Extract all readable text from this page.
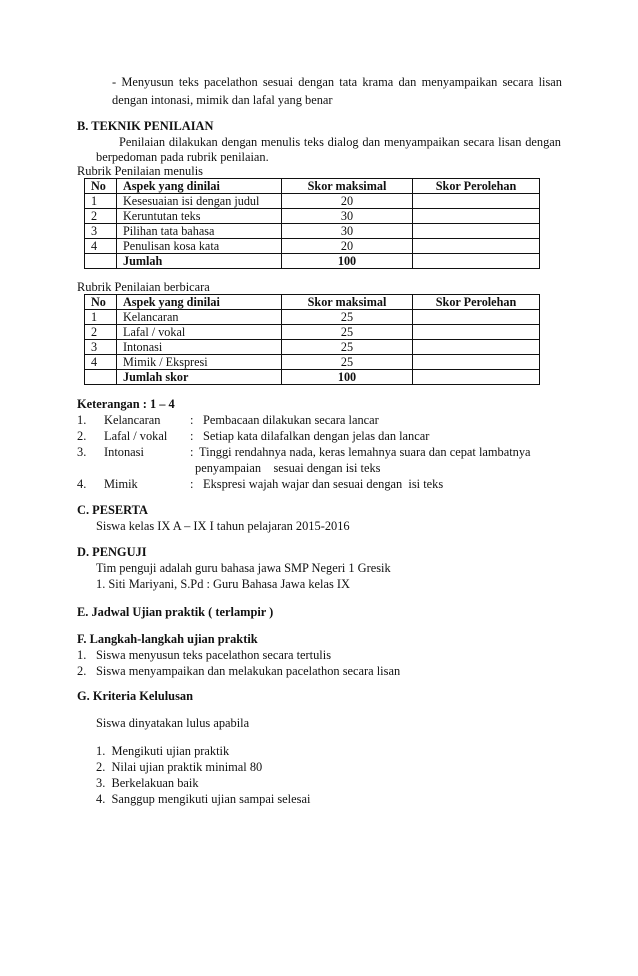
- Menyusun teks pacelathon sesuai dengan tata krama dan menyampaikan secara lisan
dengan intonasi, mimik dan lafal yang benar
B. TEKNIK PENILAIAN
Penilaian dilakukan dengan menulis teks dialog dan menyampaikan secara lisan dengan
berpedoman pada rubrik penilaian.
Rubrik Penilaian menulis
No	Aspek yang dinilai	Skor maksimal	Skor Perolehan
1	Kesesuaian isi dengan judul	20	
2	Keruntutan teks	30	
3	Pilihan tata bahasa	30	
4	Penulisan kosa kata	20	
	Jumlah	100	
Rubrik Penilaian berbicara
No	Aspek yang dinilai	Skor maksimal	Skor Perolehan
1	Kelancaran	25	
2	Lafal / vokal	25	
3	Intonasi	25	
4	Mimik / Ekspresi	25	
	Jumlah skor	100	
Keterangan : 1 – 4
1. Kelancaran : Pembacaan dilakukan secara lancar
2. Lafal / vokal : Setiap kata dilafalkan dengan jelas dan lancar
3. Intonasi	: Tinggi rendahnya nada, keras lemahnya suara dan cepat lambatnya
penyampaian    sesuai dengan isi teks
4. Mimik	: Ekspresi wajah wajar dan sesuai dengan  isi teks
C. PESERTA
Siswa kelas IX A – IX I tahun pelajaran 2015-2016
D. PENGUJI
Tim penguji adalah guru bahasa jawa SMP Negeri 1 Gresik
1. Siti Mariyani, S.Pd : Guru Bahasa Jawa kelas IX
E. Jadwal Ujian praktik ( terlampir )
F. Langkah-langkah ujian praktik
1. Siswa menyusun teks pacelathon secara tertulis
2. Siswa menyampaikan dan melakukan pacelathon secara lisan
G. Kriteria Kelulusan
Siswa dinyatakan lulus apabila
1.  Mengikuti ujian praktik
2.  Nilai ujian praktik minimal 80
3.  Berkelakuan baik
4.  Sanggup mengikuti ujian sampai selesai
